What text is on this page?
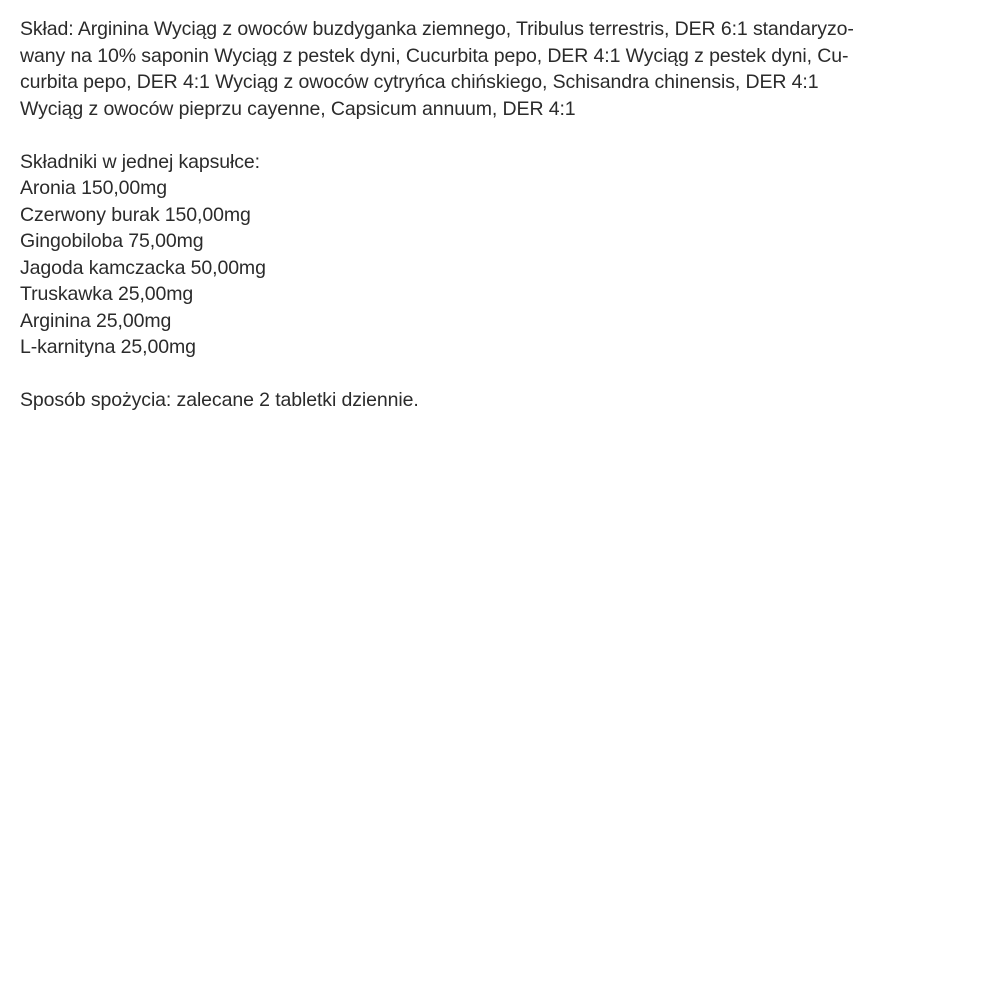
Skład: Arginina Wyciąg z owoców buzdyganka ziemnego, Tribulus terrestris, DER 6:1 standaryzo-
wany na 10% saponin Wyciąg z pestek dyni, Cucurbita pepo, DER 4:1 Wyciąg z pestek dyni, Cu-
curbita pepo, DER 4:1 Wyciąg z owoców cytryńca chińskiego, Schisandra chinensis, DER 4:1
Wyciąg z owoców pieprzu cayenne, Capsicum annuum, DER 4:1
Składniki w jednej kapsułce:
Aronia 150,00mg
Czerwony burak 150,00mg
Gingobiloba 75,00mg
Jagoda kamczacka 50,00mg
Truskawka 25,00mg
Arginina 25,00mg
L-karnityna 25,00mg
Sposób spożycia: zalecane 2 tabletki dziennie.
